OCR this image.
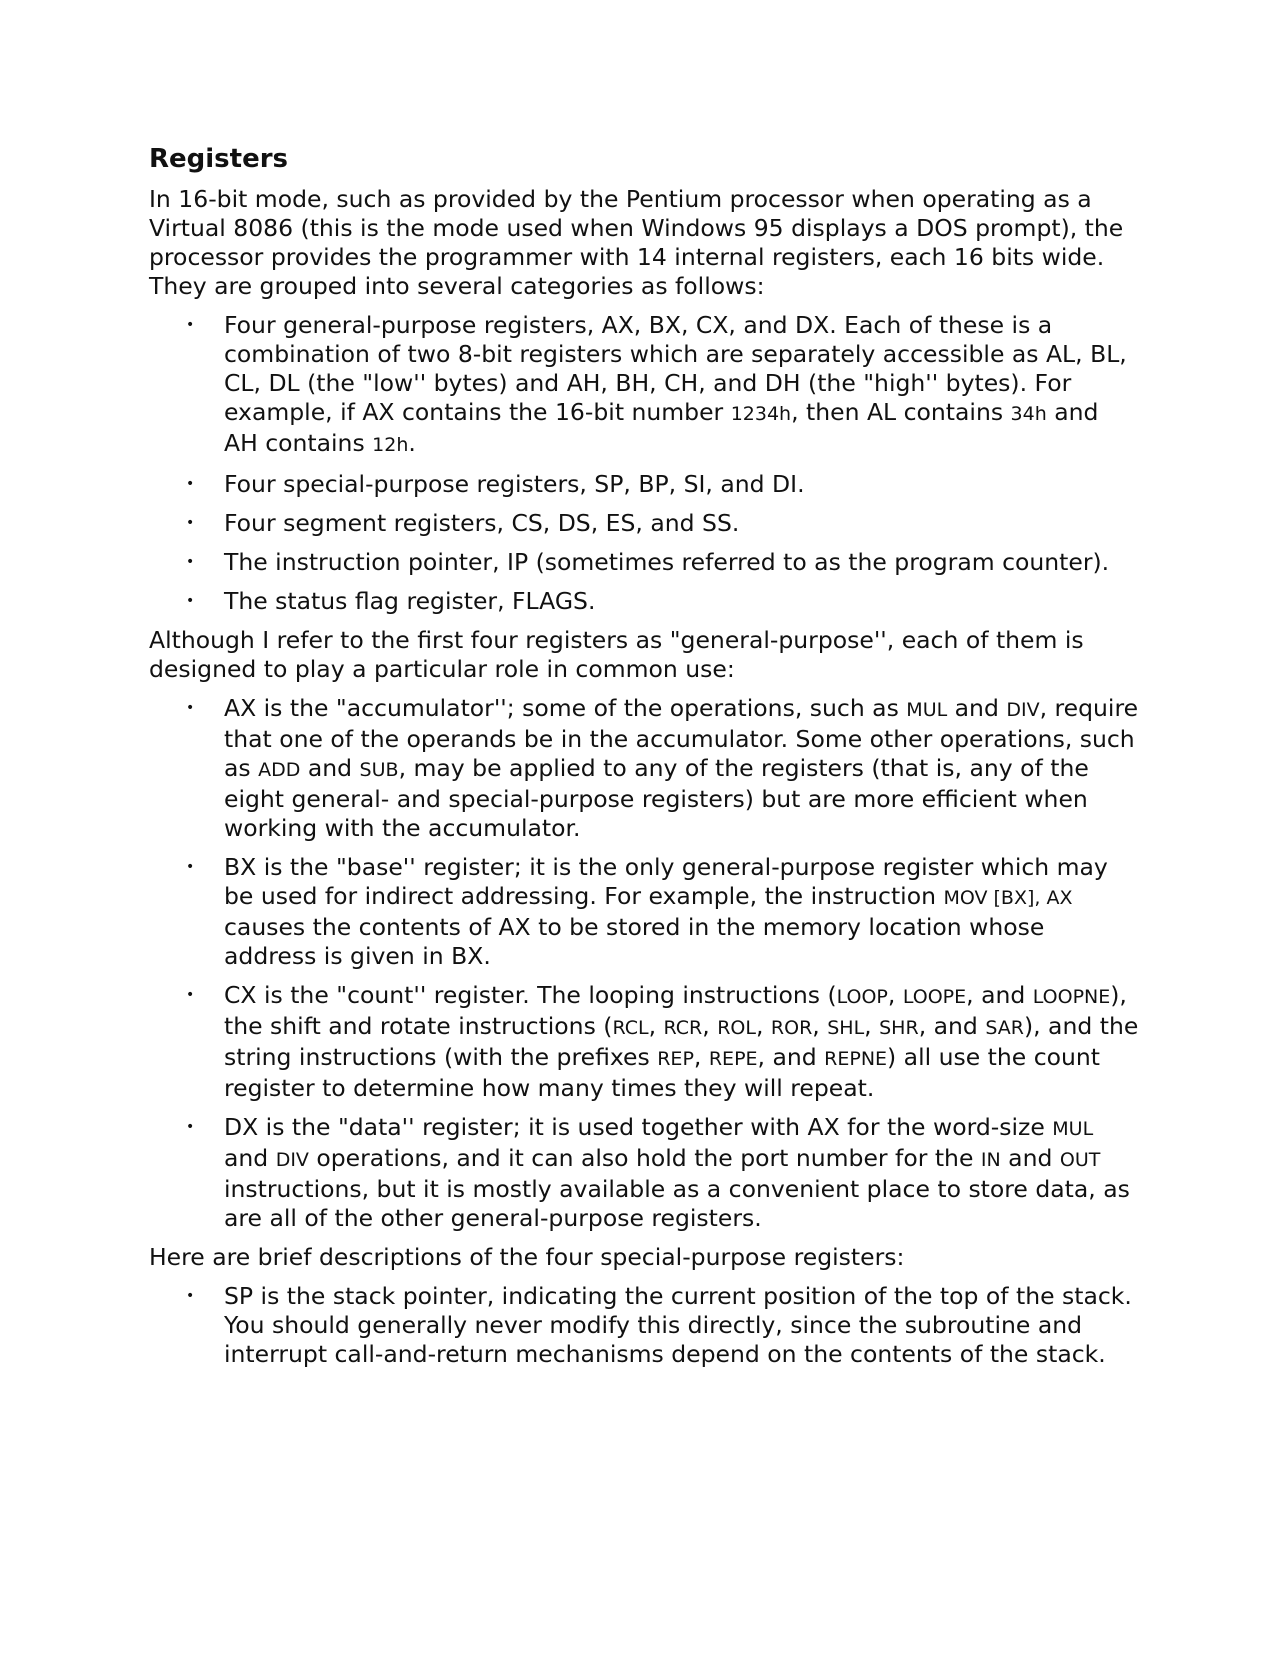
Registers

In 16-bit mode, such as provided by the Pentium processor when operating as a Virtual 8086 (this is the mode used when Windows 95 displays a DOS prompt), the processor provides the programmer with 14 internal registers, each 16 bits wide. They are grouped into several categories as follows:

• Four general-purpose registers, AX, BX, CX, and DX. Each of these is a combination of two 8-bit registers which are separately accessible as AL, BL, CL, DL (the "low'' bytes) and AH, BH, CH, and DH (the "high'' bytes). For example, if AX contains the 16-bit number 1234h, then AL contains 34h and AH contains 12h.
• Four special-purpose registers, SP, BP, SI, and DI.
• Four segment registers, CS, DS, ES, and SS.
• The instruction pointer, IP (sometimes referred to as the program counter).
• The status flag register, FLAGS.

Although I refer to the first four registers as "general-purpose'', each of them is designed to play a particular role in common use:

• AX is the "accumulator''; some of the operations, such as MUL and DIV, require that one of the operands be in the accumulator. Some other operations, such as ADD and SUB, may be applied to any of the registers (that is, any of the eight general- and special-purpose registers) but are more efficient when working with the accumulator.
• BX is the "base'' register; it is the only general-purpose register which may be used for indirect addressing. For example, the instruction MOV [BX], AX causes the contents of AX to be stored in the memory location whose address is given in BX.
• CX is the "count'' register. The looping instructions (LOOP, LOOPE, and LOOPNE), the shift and rotate instructions (RCL, RCR, ROL, ROR, SHL, SHR, and SAR), and the string instructions (with the prefixes REP, REPE, and REPNE) all use the count register to determine how many times they will repeat.
• DX is the "data'' register; it is used together with AX for the word-size MUL and DIV operations, and it can also hold the port number for the IN and OUT instructions, but it is mostly available as a convenient place to store data, as are all of the other general-purpose registers.

Here are brief descriptions of the four special-purpose registers:

• SP is the stack pointer, indicating the current position of the top of the stack. You should generally never modify this directly, since the subroutine and interrupt call-and-return mechanisms depend on the contents of the stack.
